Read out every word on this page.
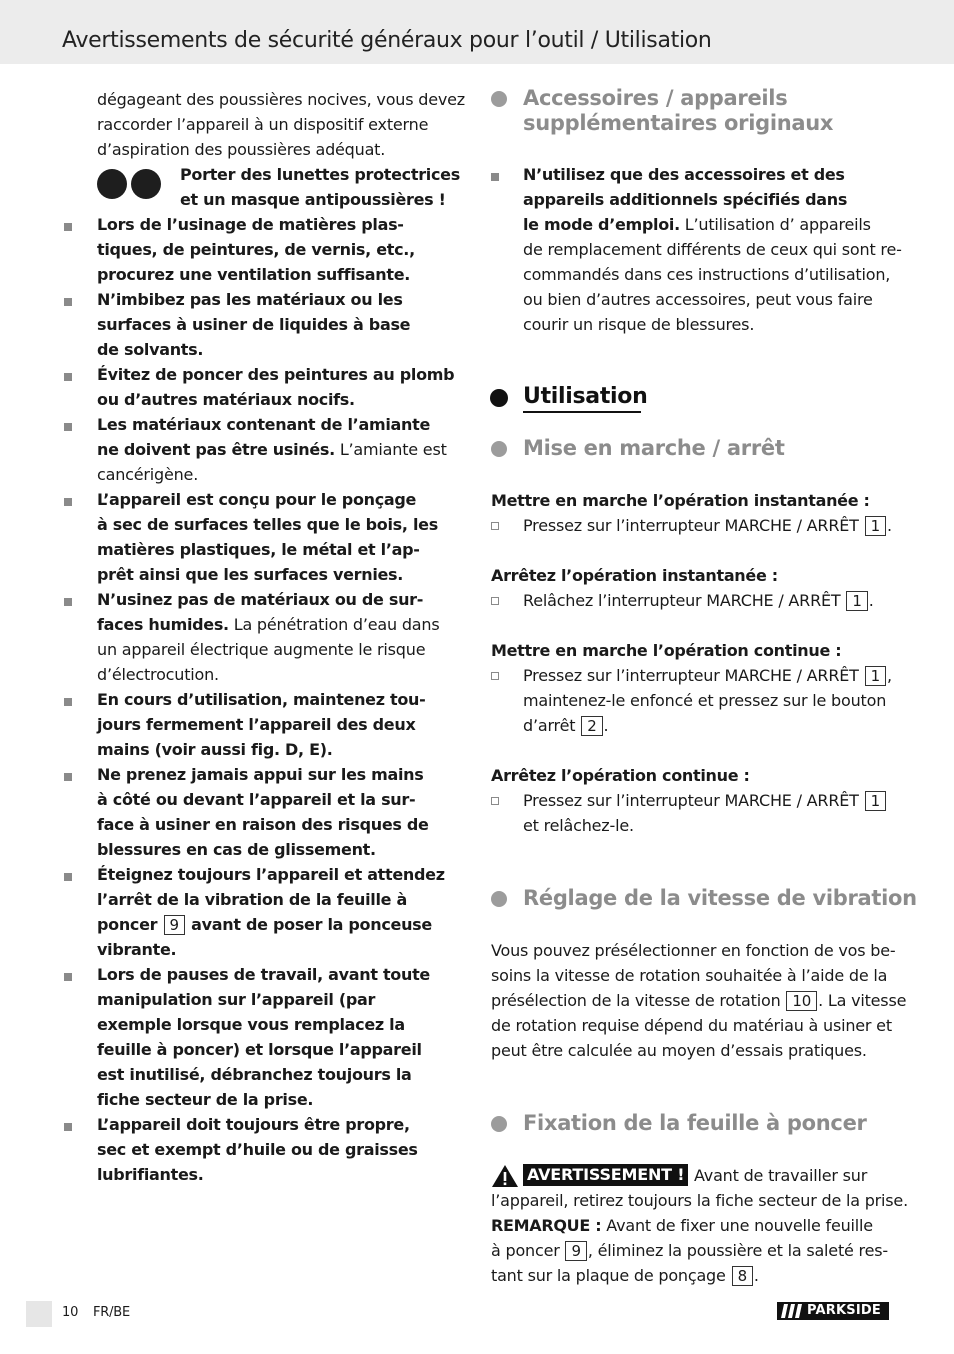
Avertissements de sécurité généraux pour l’outil / Utilisation
dégageant des poussières nocives, vous devez
raccorder l’appareil à un dispositif externe
d’aspiration des poussières adéquat.
Porter des lunettes protectrices
et un masque antipoussières !
Lors de l’usinage de matières plas-
tiques, de peintures, de vernis, etc.,
procurez une ventilation suffisante.
N’imbibez pas les matériaux ou les
surfaces à usiner de liquides à base
de solvants.
Évitez de poncer des peintures au plomb
ou d’autres matériaux nocifs.
Les matériaux contenant de l’amiante
ne doivent pas être usinés. L’amiante est
cancérigène.
L’appareil est conçu pour le ponçage
à sec de surfaces telles que le bois, les
matières plastiques, le métal et l’ap-
prêt ainsi que les surfaces vernies.
N’usinez pas de matériaux ou de sur-
faces humides. La pénétration d’eau dans
un appareil électrique augmente le risque
d’électrocution.
En cours d’utilisation, maintenez tou-
jours fermement l’appareil des deux
mains (voir aussi fig. D, E).
Ne prenez jamais appui sur les mains
à côté ou devant l’appareil et la sur-
face à usiner en raison des risques de
blessures en cas de glissement.
Éteignez toujours l’appareil et attendez
l’arrêt de la vibration de la feuille à
poncer 9 avant de poser la ponceuse
vibrante.
Lors de pauses de travail, avant toute
manipulation sur l’appareil (par
exemple lorsque vous remplacez la
feuille à poncer) et lorsque l’appareil
est inutilisé, débranchez toujours la
fiche secteur de la prise.
L’appareil doit toujours être propre,
sec et exempt d’huile ou de graisses
lubrifiantes.
Accessoires / appareils
supplémentaires originaux
N’utilisez que des accessoires et des
appareils additionnels spécifiés dans
le mode d’emploi. L’utilisation d’ appareils
de remplacement différents de ceux qui sont re-
commandés dans ces instructions d’utilisation,
ou bien d’autres accessoires, peut vous faire
courir un risque de blessures.
Utilisation
Mise en marche / arrêt
Mettre en marche l’opération instantanée :
Pressez sur l’interrupteur MARCHE / ARRÊT 1 .
Arrêtez l’opération instantanée :
Relâchez l’interrupteur MARCHE / ARRÊT 1 .
Mettre en marche l’opération continue :
Pressez sur l’interrupteur MARCHE / ARRÊT 1 ,
maintenez-le enfoncé et pressez sur le bouton
d’arrêt 2 .
Arrêtez l’opération continue :
Pressez sur l’interrupteur MARCHE / ARRÊT 1
et relâchez-le.
Réglage de la vitesse de vibration
Vous pouvez présélectionner en fonction de vos be-
soins la vitesse de rotation souhaitée à l’aide de la
présélection de la vitesse de rotation 10 . La vitesse
de rotation requise dépend du matériau à usiner et
peut être calculée au moyen d’essais pratiques.
Fixation de la feuille à poncer
AVERTISSEMENT ! Avant de travailler sur
l’appareil, retirez toujours la fiche secteur de la prise.
REMARQUE : Avant de fixer une nouvelle feuille
à poncer 9 , éliminez la poussière et la saleté res-
tant sur la plaque de ponçage 8 .
10 FR/BE	PARKSIDE
